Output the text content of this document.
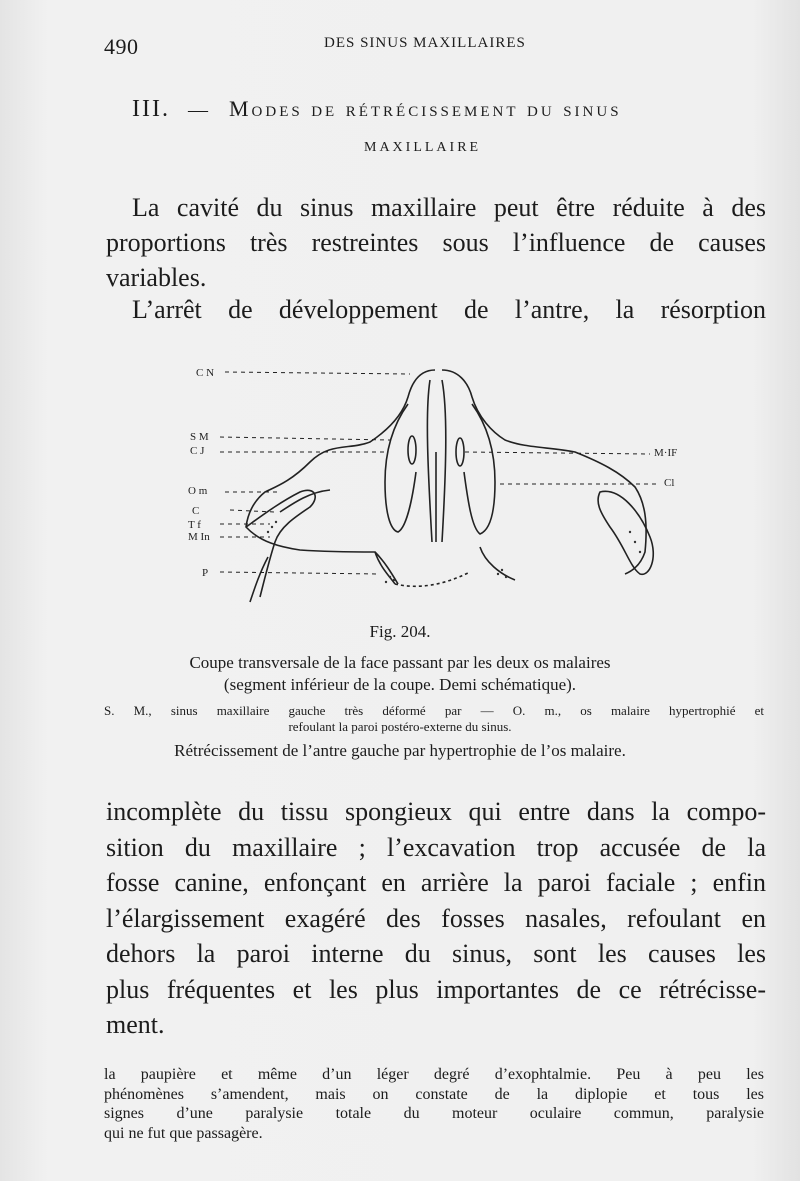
490	DES SINUS MAXILLAIRES
III. — Modes de rétrécissement du sinus
maxillaire
La cavité du sinus maxillaire peut être réduite à des
proportions très restreintes sous l’influence de causes
variables.
L’arrêt de développement de l’antre, la résorption
C N
S M
C J
O m
C
T f
M In
P
M·IF
Cl
Fig. 204.
Coupe transversale de la face passant par les deux os malaires
(segment inférieur de la coupe. Demi schématique).
S. M., sinus maxillaire gauche très déformé par — O. m., os malaire hypertrophié et
refoulant la paroi postéro-externe du sinus.
Rétrécissement de l’antre gauche par hypertrophie de l’os malaire.
incomplète du tissu spongieux qui entre dans la compo-
sition du maxillaire ; l’excavation trop accusée de la
fosse canine, enfonçant en arrière la paroi faciale ; enfin
l’élargissement exagéré des fosses nasales, refoulant en
dehors la paroi interne du sinus, sont les causes les
plus fréquentes et les plus importantes de ce rétrécisse-
ment.
la paupière et même d’un léger degré d’exophtalmie. Peu à peu les
phénomènes s’amendent, mais on constate de la diplopie et tous les
signes d’une paralysie totale du moteur oculaire commun, paralysie
qui ne fut que passagère.
